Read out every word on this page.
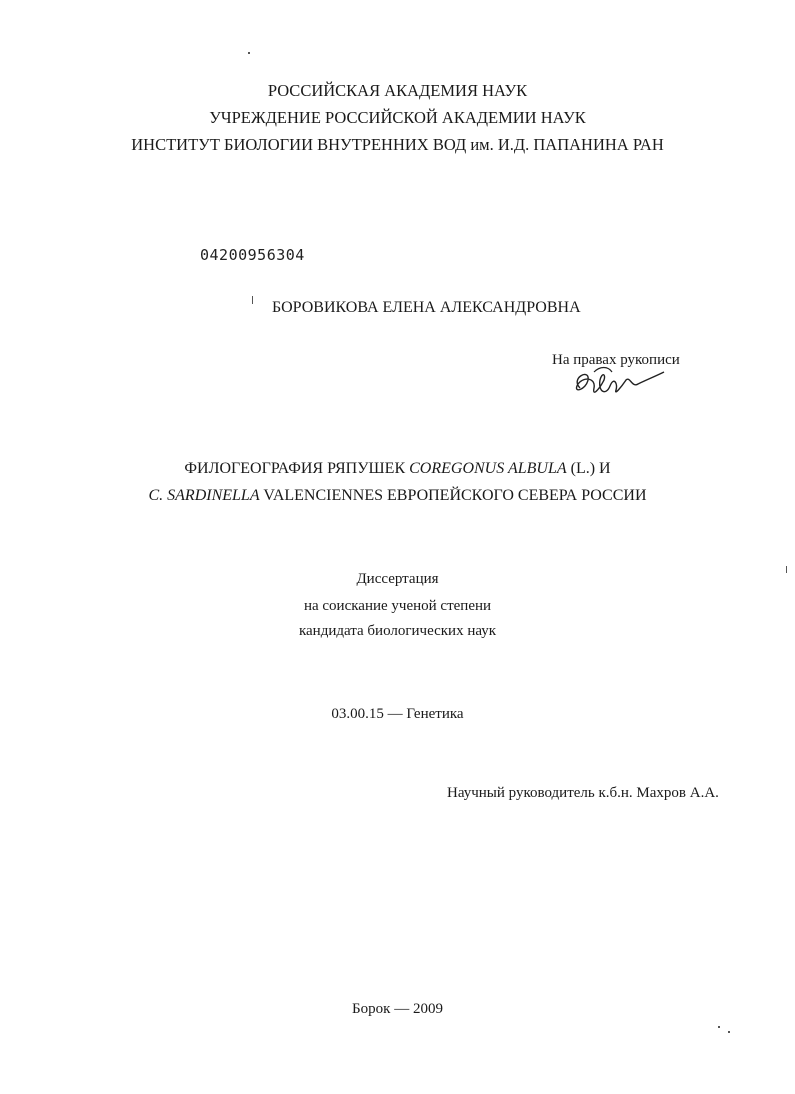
РОССИЙСКАЯ АКАДЕМИЯ НАУК
УЧРЕЖДЕНИЕ РОССИЙСКОЙ АКАДЕМИИ НАУК
ИНСТИТУТ БИОЛОГИИ ВНУТРЕННИХ ВОД им. И.Д. ПАПАНИНА РАН
04200956304
БОРОВИКОВА ЕЛЕНА АЛЕКСАНДРОВНА
На правах рукописи
ФИЛОГЕОГРАФИЯ РЯПУШЕК COREGONUS ALBULA (L.) И
C. SARDINELLA VALENCIENNES ЕВРОПЕЙСКОГО СЕВЕРА РОССИИ
Диссертация
на соискание ученой степени
кандидата биологических наук
03.00.15 — Генетика
Научный руководитель к.б.н. Махров А.А.
Борок — 2009
